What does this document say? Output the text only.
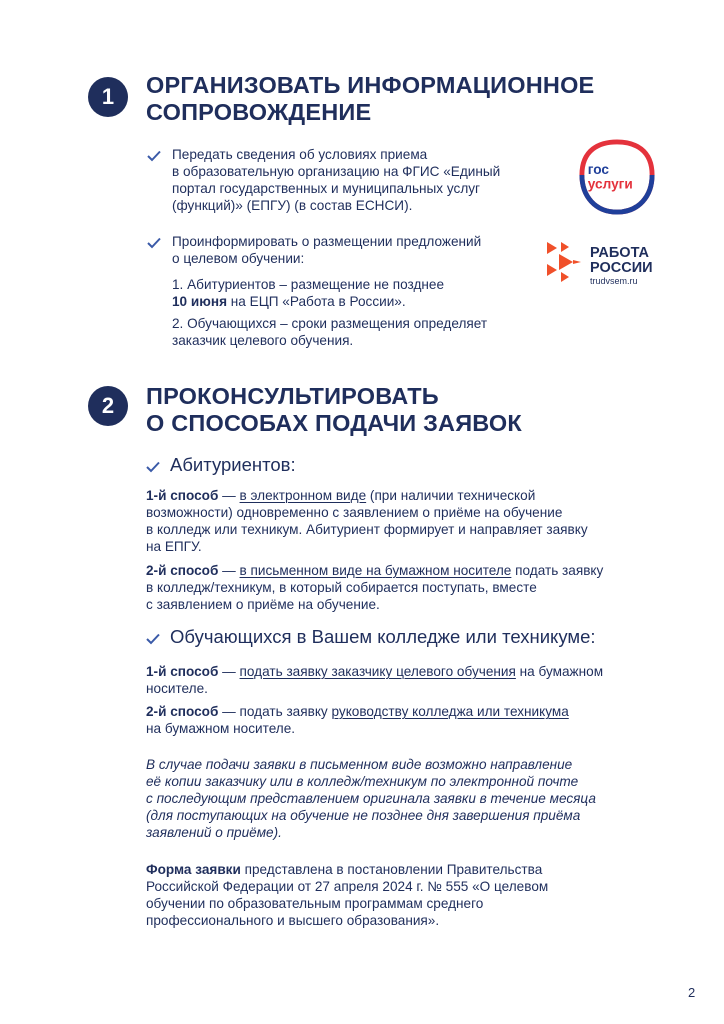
1	ОРГАНИЗОВАТЬ ИНФОРМАЦИОННОЕ
СОПРОВОЖДЕНИЕ
Передать сведения об условиях приема
в образовательную организацию на ФГИС «Единый
портал государственных и муниципальных услуг
(функций)» (ЕПГУ) (в состав ЕСНСИ).
Проинформировать о размещении предложений
о целевом обучении:
1. Абитуриентов – размещение не позднее
10 июня на ЕЦП «Работа в России».
2. Обучающихся – сроки размещения определяет
заказчик целевого обучения.
гос
услуги
РАБОТА
РОССИИ
trudvsem.ru
2	ПРОКОНСУЛЬТИРОВАТЬ
О СПОСОБАХ ПОДАЧИ ЗАЯВОК
Абитуриентов:
1-й способ — в электронном виде (при наличии технической
возможности) одновременно с заявлением о приёме на обучение
в колледж или техникум. Абитуриент формирует и направляет заявку
на ЕПГУ.
2-й способ — в письменном виде на бумажном носителе подать заявку
в колледж/техникум, в который собирается поступать, вместе
с заявлением о приёме на обучение.
Обучающихся в Вашем колледже или техникуме:
1-й способ — подать заявку заказчику целевого обучения на бумажном
носителе.
2-й способ — подать заявку руководству колледжа или техникума
на бумажном носителе.
В случае подачи заявки в письменном виде возможно направление
её копии заказчику или в колледж/техникум по электронной почте
с последующим представлением оригинала заявки в течение месяца
(для поступающих на обучение не позднее дня завершения приёма
заявлений о приёме).
Форма заявки представлена в постановлении Правительства
Российской Федерации от 27 апреля 2024 г. № 555 «О целевом
обучении по образовательным программам среднего
профессионального и высшего образования».
2
